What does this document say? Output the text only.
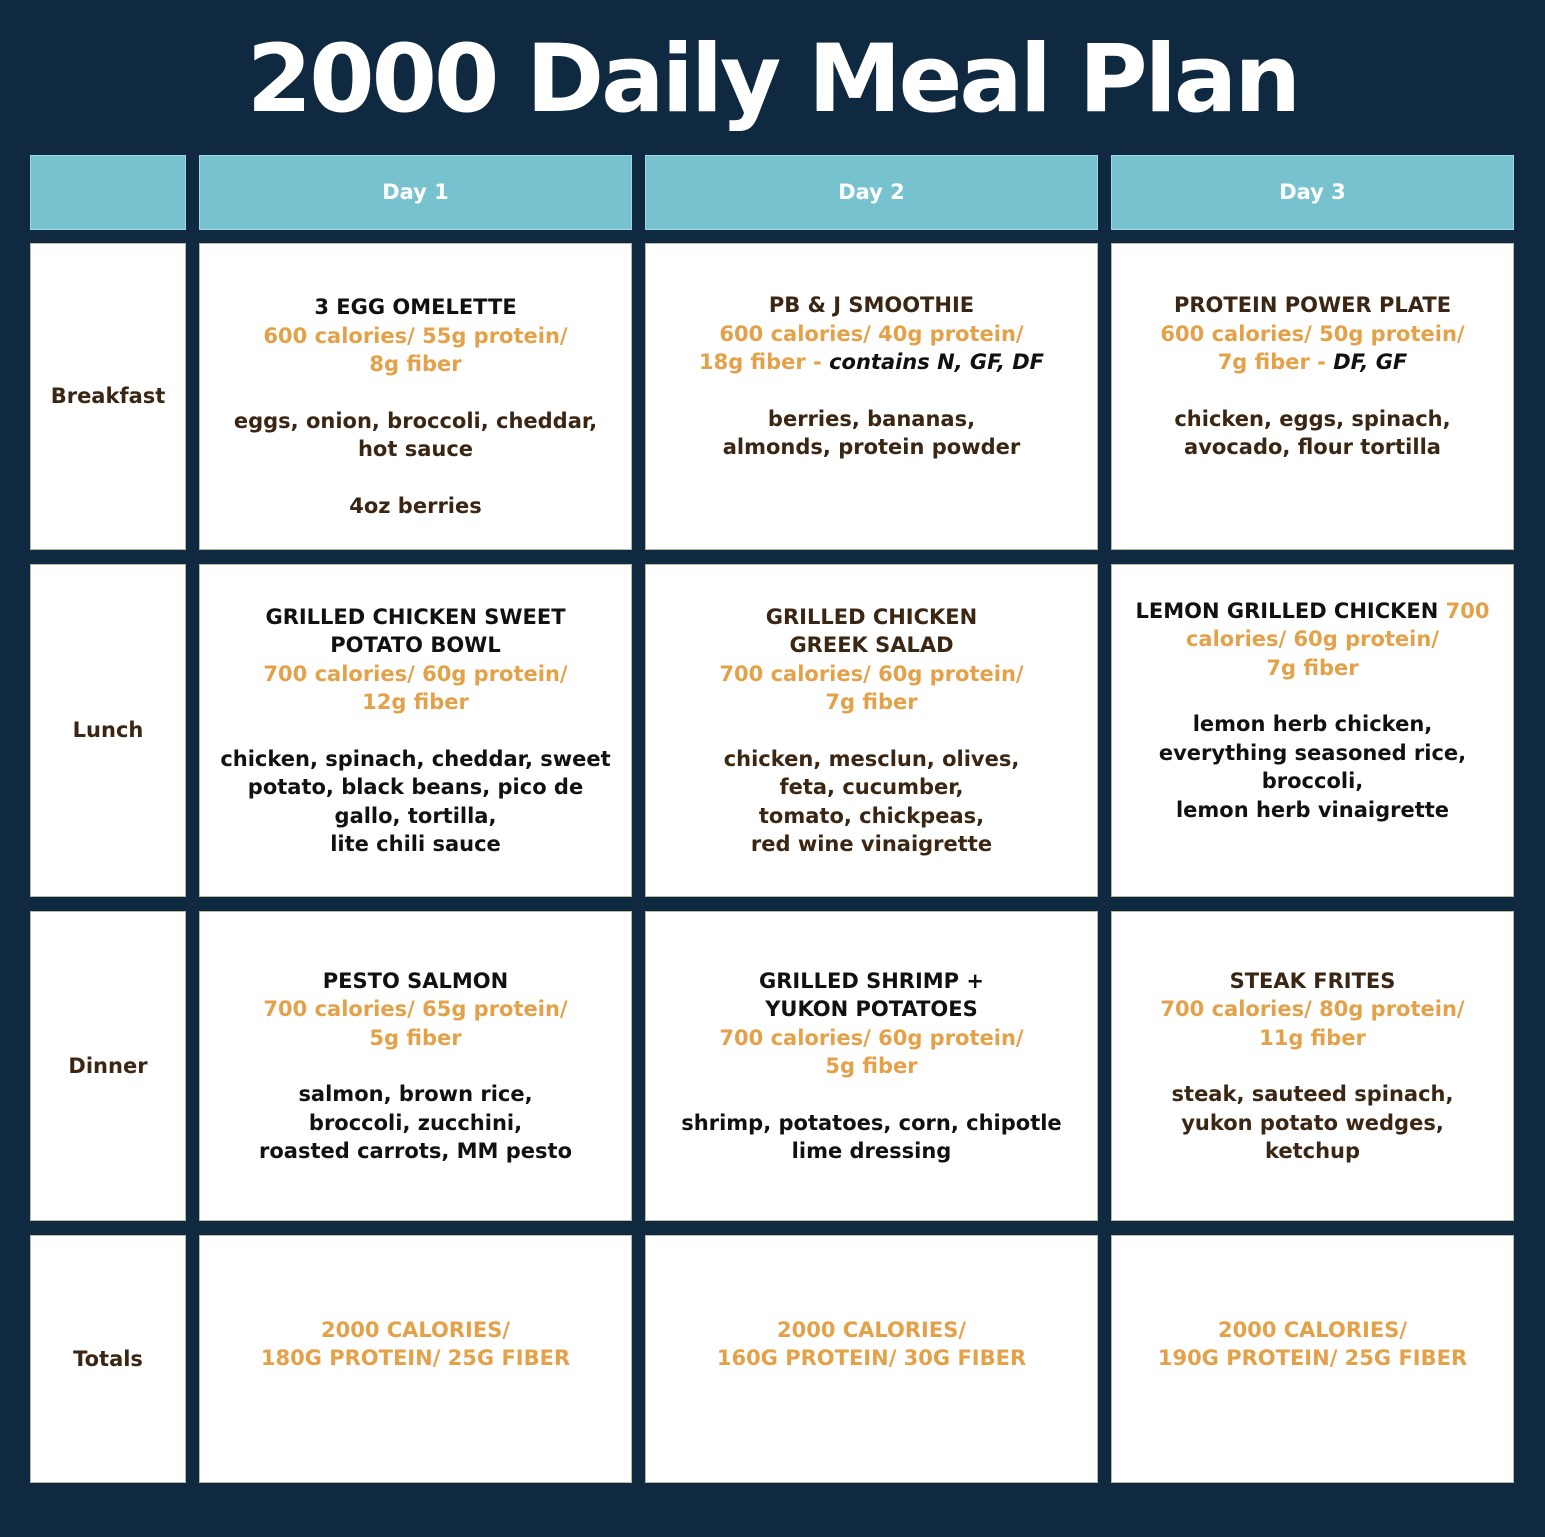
2000 Daily Meal Plan

Day 1	Day 2	Day 3

Breakfast

3 EGG OMELETTE

600 calories/ 55g protein/

8g fiber

eggs, onion, broccoli, cheddar,

hot sauce

4oz berries

PB & J SMOOTHIE

600 calories/ 40g protein/

18g fiber - contains N, GF, DF

berries, bananas,

almonds, protein powder

PROTEIN POWER PLATE

600 calories/ 50g protein/

7g fiber - DF, GF

chicken, eggs, spinach,

avocado, flour tortilla

Lunch

GRILLED CHICKEN SWEET

POTATO BOWL

700 calories/ 60g protein/

12g fiber

chicken, spinach, cheddar, sweet

potato, black beans, pico de

gallo, tortilla,

lite chili sauce

GRILLED CHICKEN

GREEK SALAD

700 calories/ 60g protein/

7g fiber

chicken, mesclun, olives,

feta, cucumber,

tomato, chickpeas,

red wine vinaigrette

LEMON GRILLED CHICKEN 700

calories/ 60g protein/

7g fiber

lemon herb chicken,

everything seasoned rice,

broccoli,

lemon herb vinaigrette

Dinner

PESTO SALMON

700 calories/ 65g protein/

5g fiber

salmon, brown rice,

broccoli, zucchini,

roasted carrots, MM pesto

GRILLED SHRIMP +

YUKON POTATOES

700 calories/ 60g protein/

5g fiber

shrimp, potatoes, corn, chipotle

lime dressing

STEAK FRITES

700 calories/ 80g protein/

11g fiber

steak, sauteed spinach,

yukon potato wedges,

ketchup

Totals

2000 CALORIES/

180G PROTEIN/ 25G FIBER

2000 CALORIES/

160G PROTEIN/ 30G FIBER

2000 CALORIES/

190G PROTEIN/ 25G FIBER
